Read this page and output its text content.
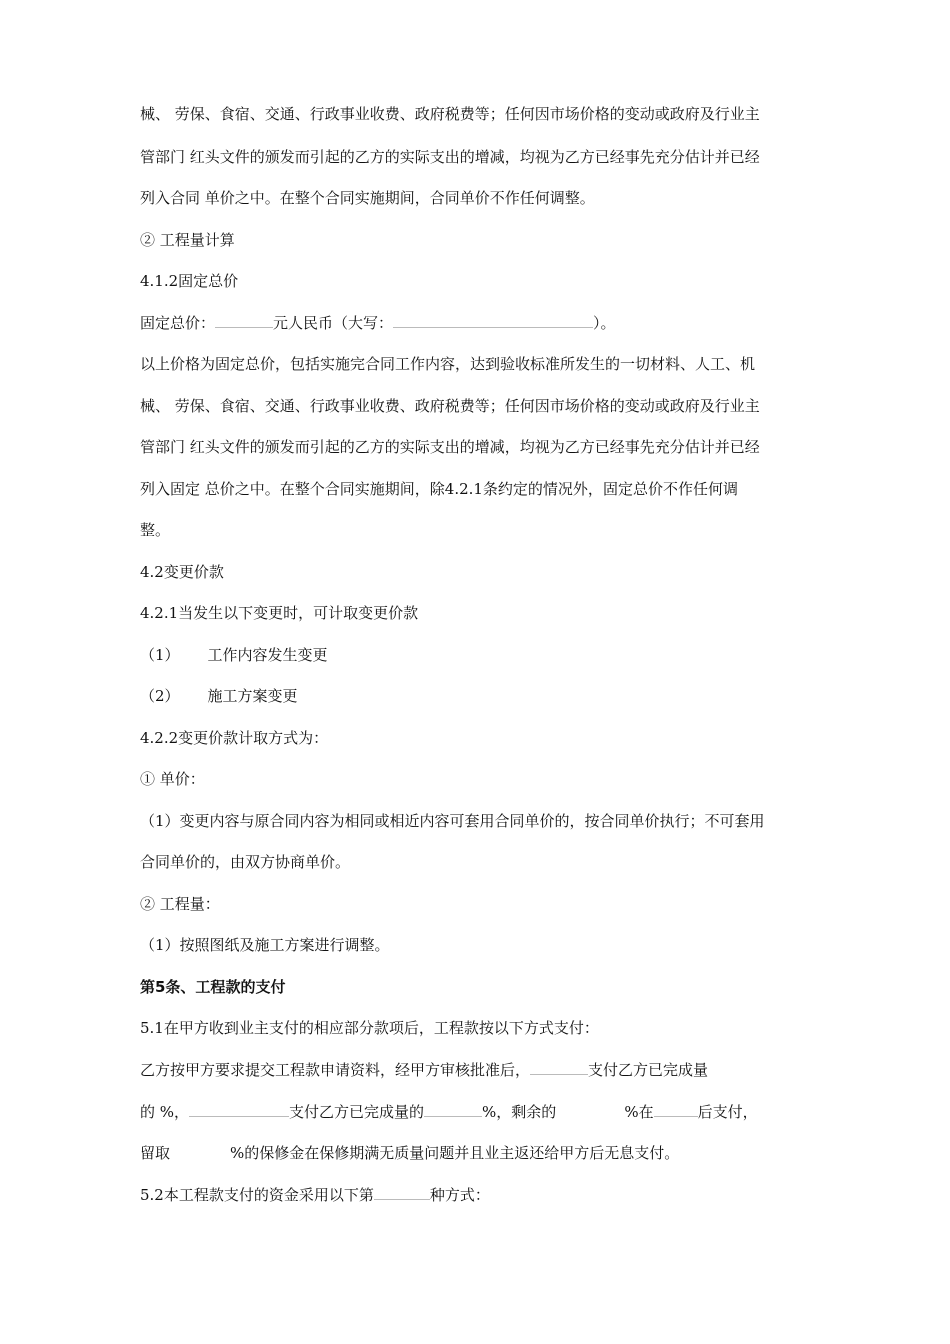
械、 劳保、食宿、交通、行政事业收费、政府税费等；任何因市场价格的变动或政府及行业主
管部门 红头文件的颁发而引起的乙方的实际支出的增减，均视为乙方已经事先充分估计并已经
列入合同 单价之中。在整个合同实施期间，合同单价不作任何调整。
② 工程量计算
4.1.2固定总价
固定总价：	元人民币（大写：	）。
以上价格为固定总价，包括实施完合同工作内容，达到验收标准所发生的一切材料、人工、机
械、 劳保、食宿、交通、行政事业收费、政府税费等；任何因市场价格的变动或政府及行业主
管部门 红头文件的颁发而引起的乙方的实际支出的增减，均视为乙方已经事先充分估计并已经
列入固定 总价之中。在整个合同实施期间，除4.2.1条约定的情况外，固定总价不作任何调
整。
4.2变更价款
4.2.1当发生以下变更时，可计取变更价款
（1） 工作内容发生变更
（2） 施工方案变更
4.2.2变更价款计取方式为：
① 单价：
（1）变更内容与原合同内容为相同或相近内容可套用合同单价的，按合同单价执行；不可套用
合同单价的，由双方协商单价。
② 工程量：
（1）按照图纸及施工方案进行调整。
第5条、工程款的支付
5.1在甲方收到业主支付的相应部分款项后，工程款按以下方式支付：
乙方按甲方要求提交工程款申请资料，经甲方审核批准后，	支付乙方已完成量
的 %，	支付乙方已完成量的	%，剩余的	%在	后支付，
留取	%的保修金在保修期满无质量问题并且业主返还给甲方后无息支付。
5.2本工程款支付的资金采用以下第	种方式：
